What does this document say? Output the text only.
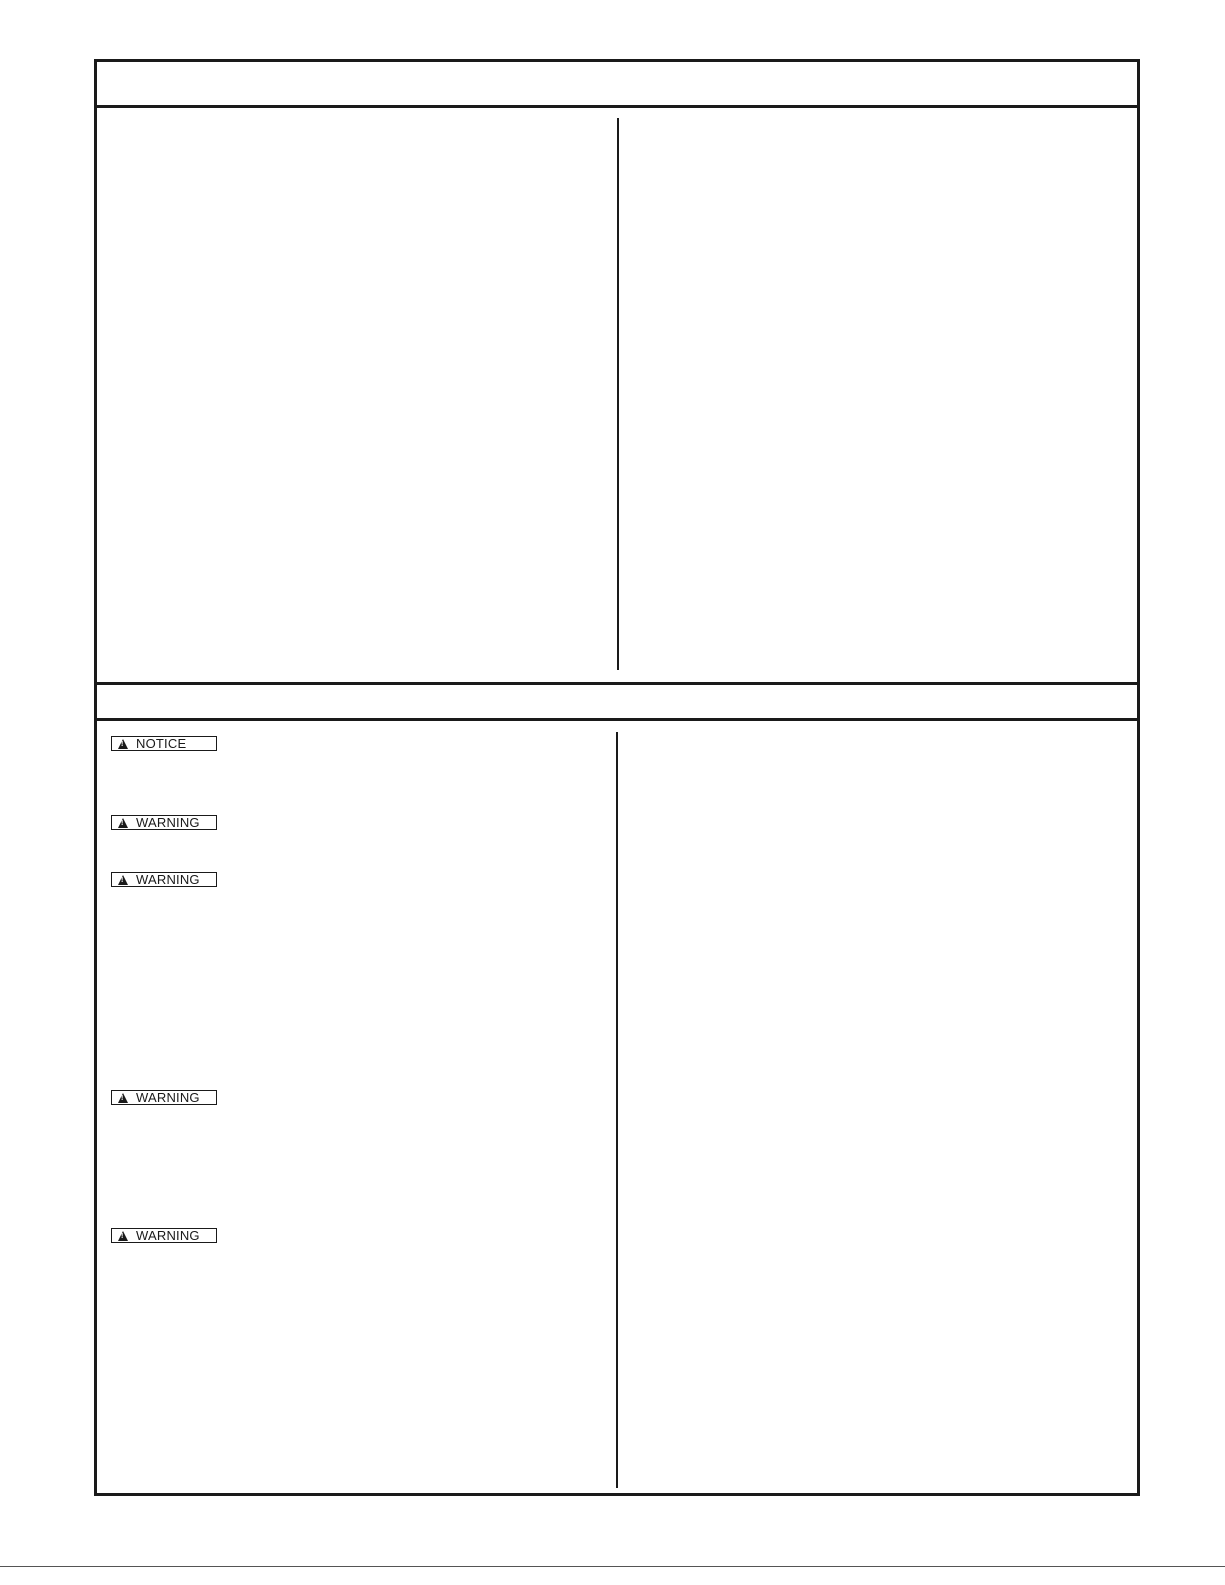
!
NOTICE
!
WARNING
!
WARNING
!
WARNING
!
WARNING
